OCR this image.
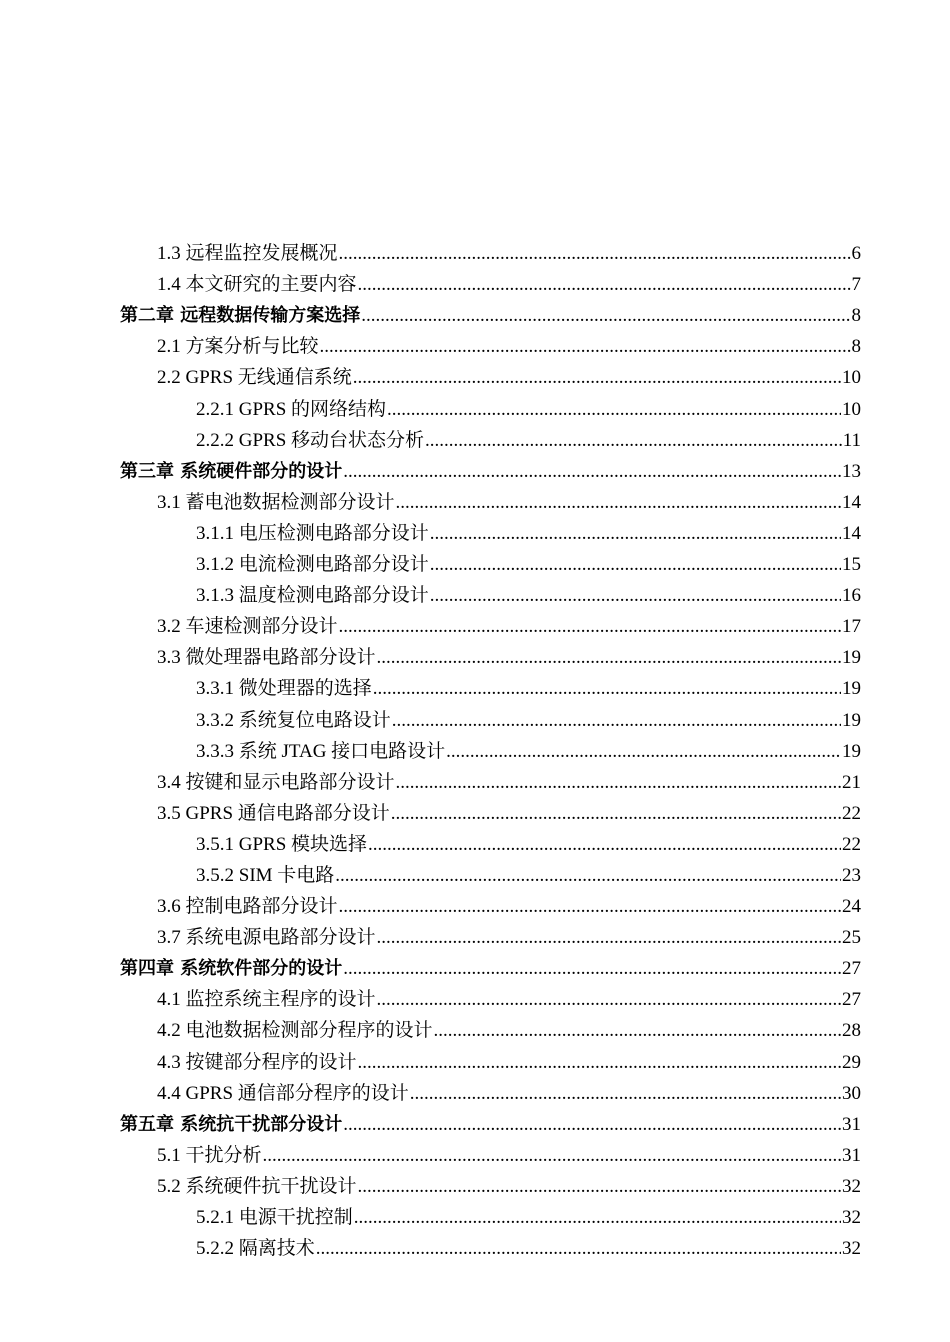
1.3 远程监控发展概况 .....	6
1.4 本文研究的主要内容 .....	7
第二章 远程数据传输方案选择 .....	8
2.1 方案分析与比较 .....	8
2.2 GPRS 无线通信系统 .....	10
2.2.1 GPRS 的网络结构 .....	10
2.2.2 GPRS 移动台状态分析 .....	11
第三章 系统硬件部分的设计 .....	13
3.1 蓄电池数据检测部分设计 .....	14
3.1.1 电压检测电路部分设计 .....	14
3.1.2 电流检测电路部分设计 .....	15
3.1.3 温度检测电路部分设计 .....	16
3.2 车速检测部分设计 .....	17
3.3 微处理器电路部分设计 .....	19
3.3.1 微处理器的选择 .....	19
3.3.2 系统复位电路设计 .....	19
3.3.3 系统 JTAG 接口电路设计 .....	19
3.4 按键和显示电路部分设计 .....	21
3.5 GPRS 通信电路部分设计 .....	22
3.5.1 GPRS 模块选择 .....	22
3.5.2 SIM 卡电路 .....	23
3.6 控制电路部分设计 .....	24
3.7 系统电源电路部分设计 .....	25
第四章 系统软件部分的设计 .....	27
4.1 监控系统主程序的设计 .....	27
4.2 电池数据检测部分程序的设计 .....	28
4.3 按键部分程序的设计 .....	29
4.4 GPRS 通信部分程序的设计 .....	30
第五章 系统抗干扰部分设计 .....	31
5.1 干扰分析 .....	31
5.2 系统硬件抗干扰设计 .....	32
5.2.1 电源干扰控制 .....	32
5.2.2 隔离技术 .....	32
